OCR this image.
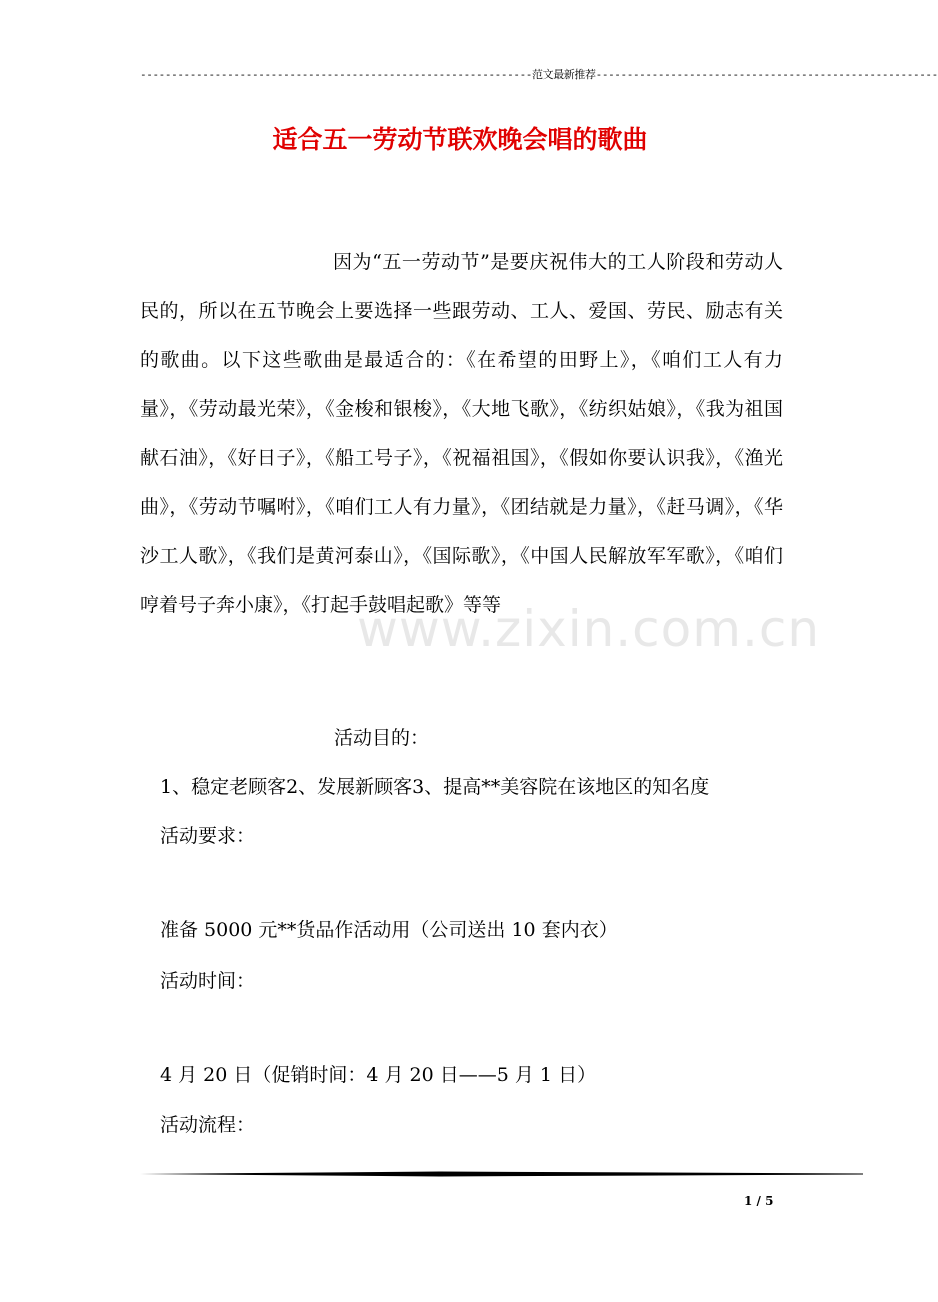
---------------------------------------------------------------范文最新推荐-------------------------------------------------------
适合五一劳动节联欢晚会唱的歌曲
因为“五一劳动节”是要庆祝伟大的工人阶段和劳动人民的，所以在五节晚会上要选择一些跟劳动、工人、爱国、劳民、励志有关的歌曲。以下这些歌曲是最适合的：《在希望的田野上》，《咱们工人有力量》，《劳动最光荣》，《金梭和银梭》，《大地飞歌》，《纺织姑娘》，《我为祖国献石油》，《好日子》，《船工号子》，《祝福祖国》，《假如你要认识我》，《渔光曲》，《劳动节嘱咐》，《咱们工人有力量》，《团结就是力量》，《赶马调》，《华沙工人歌》，《我们是黄河泰山》，《国际歌》，《中国人民解放军军歌》，《咱们哼着号子奔小康》，《打起手鼓唱起歌》等等
www.zixin.com.cn
活动目的：
1、稳定老顾客2、发展新顾客3、提高**美容院在该地区的知名度
活动要求：
准备 5000 元**货品作活动用（公司送出 10 套内衣）
活动时间：
4 月 20 日（促销时间：4 月 20 日——5 月 1 日）
活动流程：
1 / 5
